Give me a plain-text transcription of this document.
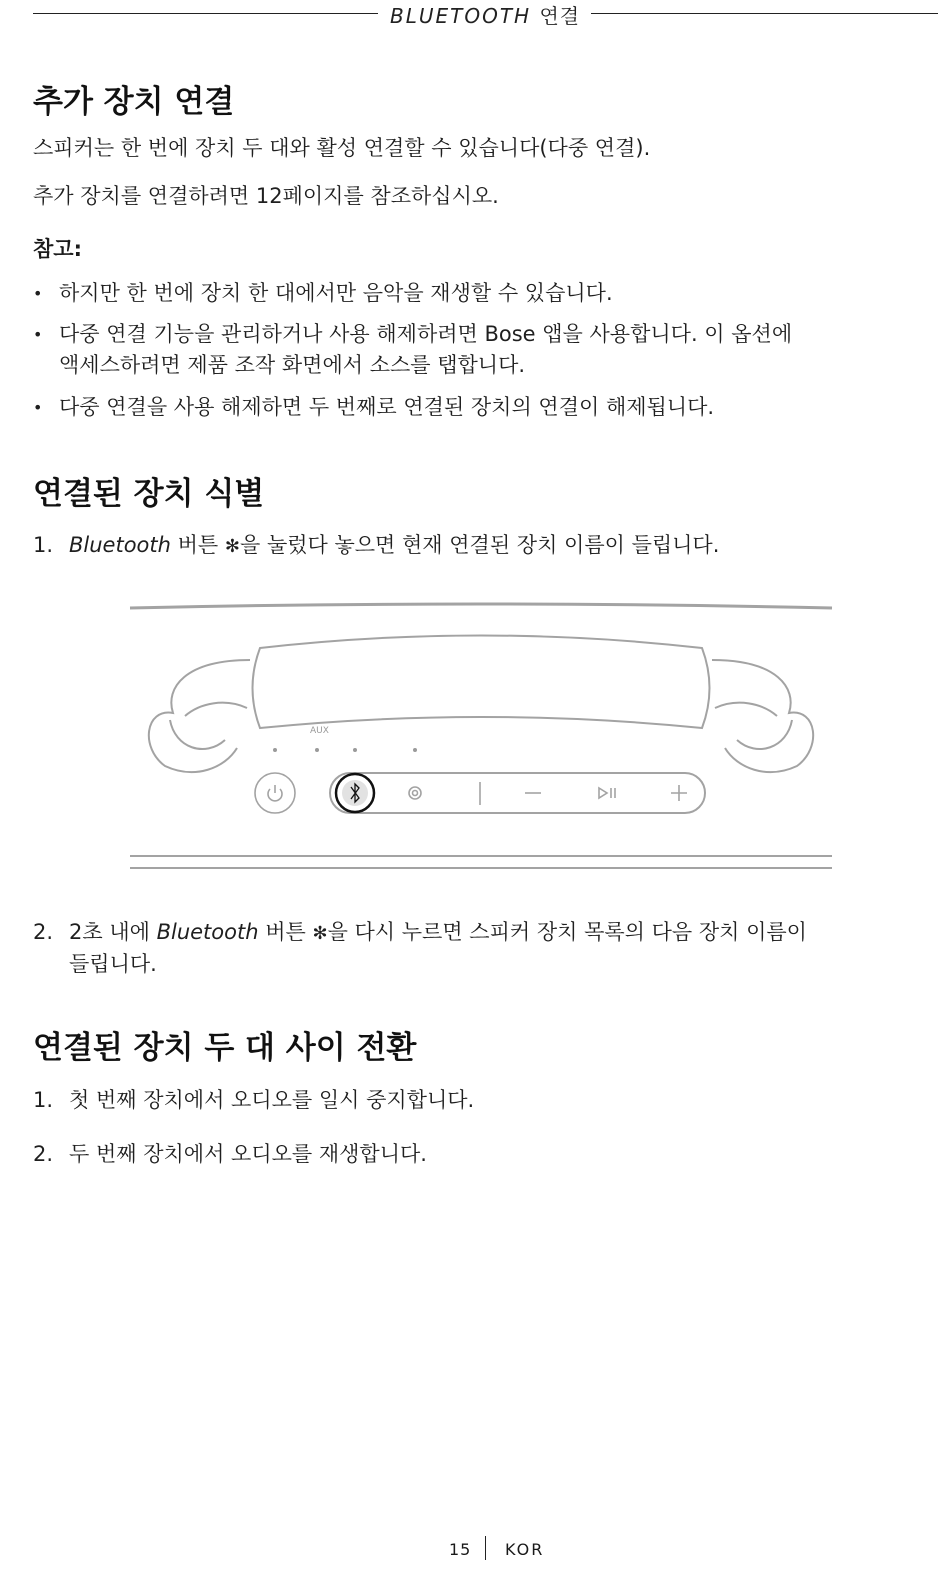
BLUETOOTH 연결
추가 장치 연결

스피커는 한 번에 장치 두 대와 활성 연결할 수 있습니다(다중 연결).

추가 장치를 연결하려면 12페이지를 참조하십시오.

참고:

• 하지만 한 번에 장치 한 대에서만 음악을 재생할 수 있습니다.
• 다중 연결 기능을 관리하거나 사용 해제하려면 Bose 앱을 사용합니다. 이 옵션에
액세스하려면 제품 조작 화면에서 소스를 탭합니다.
• 다중 연결을 사용 해제하면 두 번째로 연결된 장치의 연결이 해제됩니다.
연결된 장치 식별
1. Bluetooth 버튼 ✻을 눌렀다 놓으면 현재 연결된 장치 이름이 들립니다.
AUX
2. 2초 내에 Bluetooth 버튼 ✻을 다시 누르면 스피커 장치 목록의 다음 장치 이름이
들립니다.
연결된 장치 두 대 사이 전환
1. 첫 번째 장치에서 오디오를 일시 중지합니다.
2. 두 번째 장치에서 오디오를 재생합니다.
15 KOR
